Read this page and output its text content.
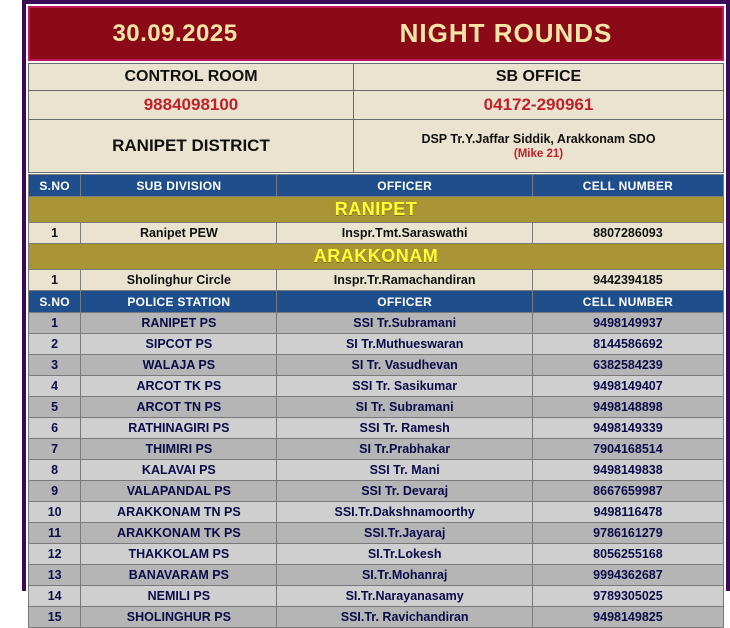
30.09.2025	NIGHT ROUNDS
CONTROL ROOM	SB OFFICE
9884098100	04172-290961
RANIPET DISTRICT	DSP Tr.Y.Jaffar Siddik, Arakkonam SDO
(Mike 21)
S.NO	SUB DIVISION	OFFICER	CELL NUMBER
RANIPET			
1	Ranipet PEW	Inspr.Tmt.Saraswathi	8807286093
ARAKKONAM			
1	Sholinghur Circle	Inspr.Tr.Ramachandiran	9442394185
S.NO	POLICE STATION	OFFICER	CELL NUMBER
1	RANIPET PS	SSI Tr.Subramani	9498149937
2	SIPCOT PS	SI Tr.Muthueswaran	8144586692
3	WALAJA PS	SI Tr. Vasudhevan	6382584239
4	ARCOT TK PS	SSI Tr. Sasikumar	9498149407
5	ARCOT TN PS	SI Tr. Subramani	9498148898
6	RATHINAGIRI PS	SSI Tr. Ramesh	9498149339
7	THIMIRI PS	SI Tr.Prabhakar	7904168514
8	KALAVAI PS	SSI Tr. Mani	9498149838
9	VALAPANDAL PS	SSI Tr. Devaraj	8667659987
10	ARAKKONAM TN PS	SSI.Tr.Dakshnamoorthy	9498116478
11	ARAKKONAM TK PS	SSI.Tr.Jayaraj	9786161279
12	THAKKOLAM PS	SI.Tr.Lokesh	8056255168
13	BANAVARAM PS	SI.Tr.Mohanraj	9994362687
14	NEMILI PS	SI.Tr.Narayanasamy	9789305025
15	SHOLINGHUR PS	SSI.Tr. Ravichandiran	9498149825
